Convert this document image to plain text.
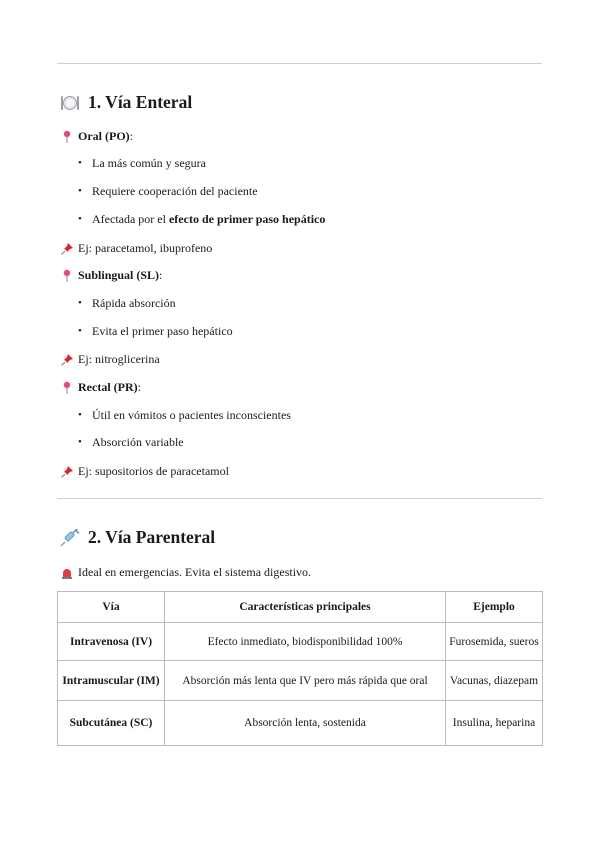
1. Vía Enteral
Oral (PO) :
• La más común y segura
• Requiere cooperación del paciente
• Afectada por el efecto de primer paso hepático
Ej: paracetamol, ibuprofeno
Sublingual (SL) :
• Rápida absorción
• Evita el primer paso hepático
Ej: nitroglicerina
Rectal (PR) :
• Útil en vómitos o pacientes inconscientes
• Absorción variable
Ej: supositorios de paracetamol
2. Vía Parenteral
Ideal en emergencias. Evita el sistema digestivo.
Vía	Características principales	Ejemplo
Intravenosa (IV)	Efecto inmediato, biodisponibilidad 100%	Furosemida, sueros
Intramuscular (IM)	Absorción más lenta que IV pero más rápida que oral	Vacunas, diazepam
Subcutánea (SC)	Absorción lenta, sostenida	Insulina, heparina
